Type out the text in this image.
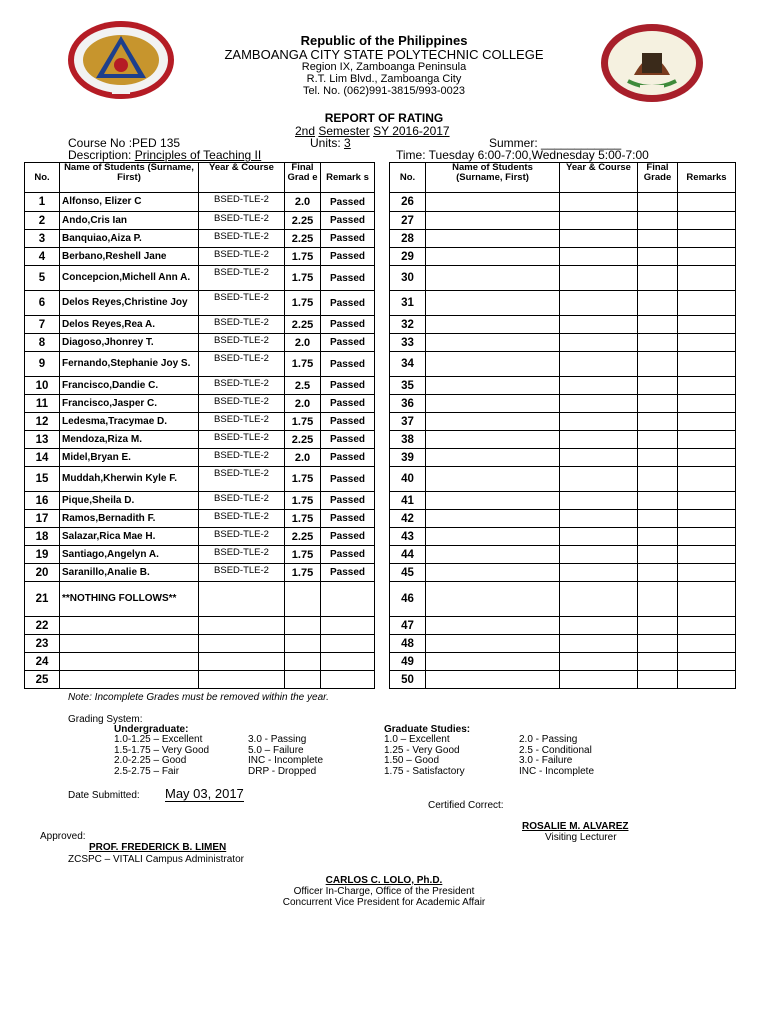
Republic of the Philippines
ZAMBOANGA CITY STATE POLYTECHNIC COLLEGE
Region IX, Zamboanga Peninsula
R.T. Lim Blvd., Zamboanga City
Tel. No. (062)991-3815/993-0023
REPORT OF RATING
2nd Semester SY 2016-2017
Course No :PED 135	Units: 3	Summer: ____________
Description: Principles of Teaching II	Time: Tuesday 6:00-7:00,Wednesday 5:00-7:00
No.	Name of Students (Surname, First)	Year & Course	Final Grad e	Remark s
1	Alfonso, Elizer C	BSED-TLE-2	2.0	Passed
2	Ando,Cris Ian	BSED-TLE-2	2.25	Passed
3	Banquiao,Aiza P.	BSED-TLE-2	2.25	Passed
4	Berbano,Reshell Jane	BSED-TLE-2	1.75	Passed
5	Concepcion,Michell Ann A.	BSED-TLE-2	1.75	Passed
6	Delos Reyes,Christine Joy	BSED-TLE-2	1.75	Passed
7	Delos Reyes,Rea A.	BSED-TLE-2	2.25	Passed
8	Diagoso,Jhonrey T.	BSED-TLE-2	2.0	Passed
9	Fernando,Stephanie Joy S.	BSED-TLE-2	1.75	Passed
10	Francisco,Dandie C.	BSED-TLE-2	2.5	Passed
11	Francisco,Jasper C.	BSED-TLE-2	2.0	Passed
12	Ledesma,Tracymae D.	BSED-TLE-2	1.75	Passed
13	Mendoza,Riza M.	BSED-TLE-2	2.25	Passed
14	Midel,Bryan E.	BSED-TLE-2	2.0	Passed
15	Muddah,Kherwin Kyle F.	BSED-TLE-2	1.75	Passed
16	Pique,Sheila D.	BSED-TLE-2	1.75	Passed
17	Ramos,Bernadith F.	BSED-TLE-2	1.75	Passed
18	Salazar,Rica Mae H.	BSED-TLE-2	2.25	Passed
19	Santiago,Angelyn A.	BSED-TLE-2	1.75	Passed
20	Saranillo,Analie B.	BSED-TLE-2	1.75	Passed
21	**NOTHING FOLLOWS**			
22				
23				
24				
25				
No.	Name of Students (Surname, First)	Year & Course	Final Grade	Remarks
26				
27				
28				
29				
30				
31				
32				
33				
34				
35				
36				
37				
38				
39				
40				
41				
42				
43				
44				
45				
46				
47				
48				
49				
50				
Note: Incomplete Grades must be removed within the year.
Grading System:
Undergraduate:	Graduate Studies:
1.0-1.25 – Excellent
1.5-1.75 – Very Good
2.0-2.25 – Good
2.5-2.75 – Fair
3.0 - Passing
5.0 – Failure
INC - Incomplete
DRP - Dropped
1.0 – Excellent
1.25 - Very Good
1.50 – Good
1.75 - Satisfactory
2.0 - Passing
2.5 - Conditional
3.0 - Failure
INC - Incomplete
Date Submitted: May 03, 2017
Certified Correct:
ROSALIE M. ALVAREZ
Visiting Lecturer
Approved:
PROF. FREDERICK B. LIMEN
ZCSPC – VITALI Campus Administrator
CARLOS C. LOLO, Ph.D.
Officer In-Charge, Office of the President
Concurrent Vice President for Academic Affair
